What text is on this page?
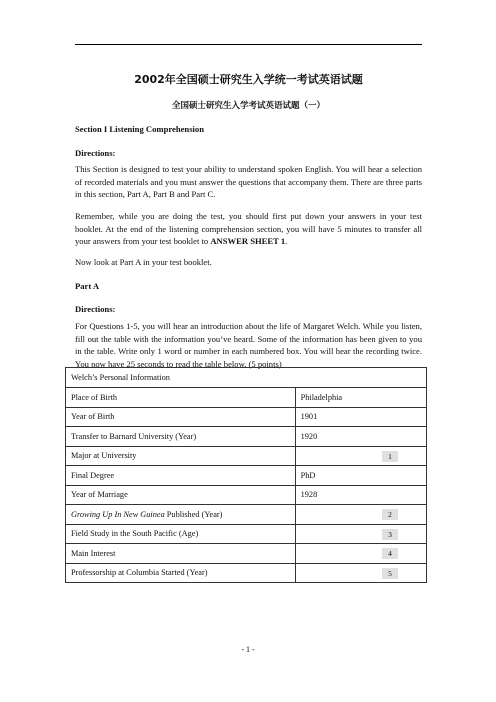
2002年全国硕士研究生入学统一考试英语试题
全国硕士研究生入学考试英语试题（一）
Section I Listening Comprehension
Directions:
This Section is designed to test your ability to understand spoken English. You will hear a selection of recorded materials and you must answer the questions that accompany them. There are three parts in this section, Part A, Part B and Part C.
Remember, while you are doing the test, you should first put down your answers in your test booklet. At the end of the listening comprehension section, you will have 5 minutes to transfer all your answers from your test booklet to ANSWER SHEET 1.
Now look at Part A in your test booklet.
Part A
Directions:
For Questions 1-5, you will hear an introduction about the life of Margaret Welch. While you listen, fill out the table with the information you’ve heard. Some of the information has been given to you in the table. Write only 1 word or number in each numbered box. You will hear the recording twice. You now have 25 seconds to read the table below. (5 points)
Welch’s Personal Information	
Place of Birth	Philadelphia
Year of Birth	1901
Transfer to Barnard University (Year)	1920
Major at University	1

Final Degree	PhD
Year of Marriage	1928
Growing Up In New Guinea Published (Year)	2

Field Study in the South Pacific (Age)	3

Main Interest	4

Professorship at Columbia Started (Year)	5
- 1 -
